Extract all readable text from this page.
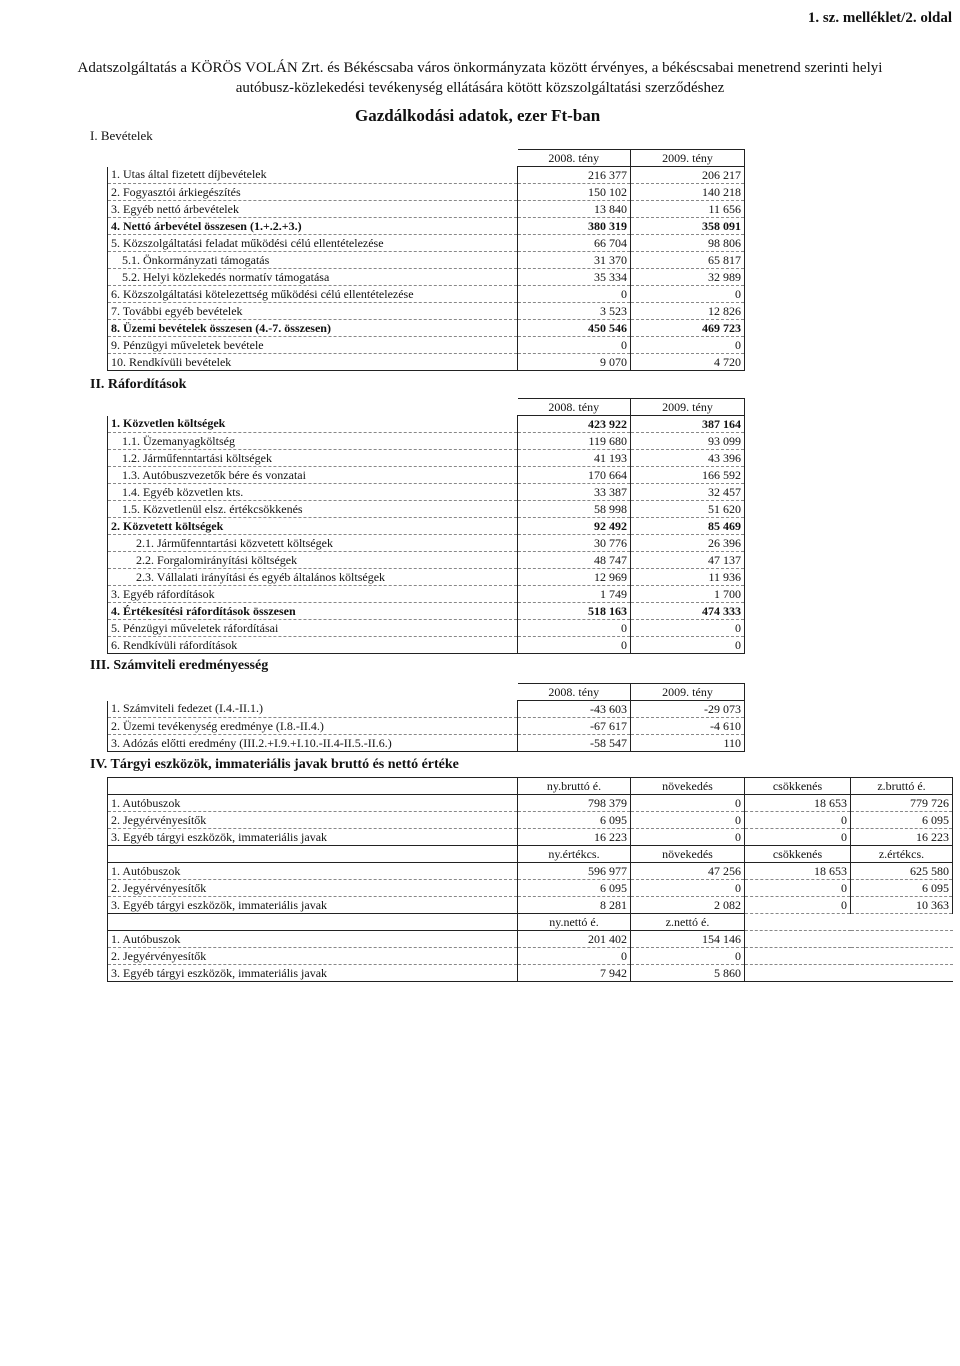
1. sz. melléklet/2. oldal
Adatszolgáltatás a KÖRÖS VOLÁN Zrt. és Békéscsaba város önkormányzata között érvényes, a békéscsabai menetrend szerinti helyi
autóbusz-közlekedési tevékenység ellátására kötött közszolgáltatási szerződéshez
Gazdálkodási adatok, ezer Ft-ban
I. Bevételek
	2008. tény	2009. tény
1. Utas által fizetett díjbevételek	216 377	206 217
2. Fogyasztói árkiegészítés	150 102	140 218
3. Egyéb nettó árbevételek	13 840	11 656
4. Nettó árbevétel összesen (1.+.2.+3.)	380 319	358 091
5. Közszolgáltatási feladat működési célú ellentételezése	66 704	98 806
5.1. Önkormányzati támogatás	31 370	65 817
5.2. Helyi közlekedés normatív támogatása	35 334	32 989
6. Közszolgáltatási kötelezettség működési célú ellentételezése	0	0
7. További egyéb bevételek	3 523	12 826
8. Üzemi bevételek összesen (4.-7. összesen)	450 546	469 723
9. Pénzügyi műveletek bevétele	0	0
10. Rendkívüli bevételek	9 070	4 720
II. Ráfordítások
	2008. tény	2009. tény
1. Közvetlen költségek	423 922	387 164
1.1. Üzemanyagköltség	119 680	93 099
1.2. Járműfenntartási költségek	41 193	43 396
1.3. Autóbuszvezetők bére és vonzatai	170 664	166 592
1.4. Egyéb közvetlen kts.	33 387	32 457
1.5. Közvetlenül elsz. értékcsökkenés	58 998	51 620
2. Közvetett költségek	92 492	85 469
2.1. Járműfenntartási közvetett költségek	30 776	26 396
2.2. Forgalomirányítási költségek	48 747	47 137
2.3. Vállalati irányítási és egyéb általános költségek	12 969	11 936
3. Egyéb ráfordítások	1 749	1 700
4. Értékesítési ráfordítások összesen	518 163	474 333
5. Pénzügyi műveletek ráfordításai	0	0
6. Rendkívüli ráfordítások	0	0
III. Számviteli eredményesség
	2008. tény	2009. tény
1. Számviteli fedezet (I.4.-II.1.)	-43 603	-29 073
2. Üzemi tevékenység eredménye (I.8.-II.4.)	-67 617	-4 610
3. Adózás előtti eredmény (III.2.+I.9.+I.10.-II.4-II.5.-II.6.)	-58 547	110
IV. Tárgyi eszközök, immateriális javak bruttó és nettó értéke
	ny.bruttó é.	növekedés	csökkenés	z.bruttó é.
1. Autóbuszok	798 379	0	18 653	779 726
2. Jegyérvényesítők	6 095	0	0	6 095
3. Egyéb tárgyi eszközök, immateriális javak	16 223	0	0	16 223
	ny.értékcs.	növekedés	csökkenés	z.értékcs.
1. Autóbuszok	596 977	47 256	18 653	625 580
2. Jegyérvényesítők	6 095	0	0	6 095
3. Egyéb tárgyi eszközök, immateriális javak	8 281	2 082	0	10 363
	ny.nettó é.	z.nettó é.		
1. Autóbuszok	201 402	154 146		
2. Jegyérvényesítők	0	0		
3. Egyéb tárgyi eszközök, immateriális javak	7 942	5 860		
